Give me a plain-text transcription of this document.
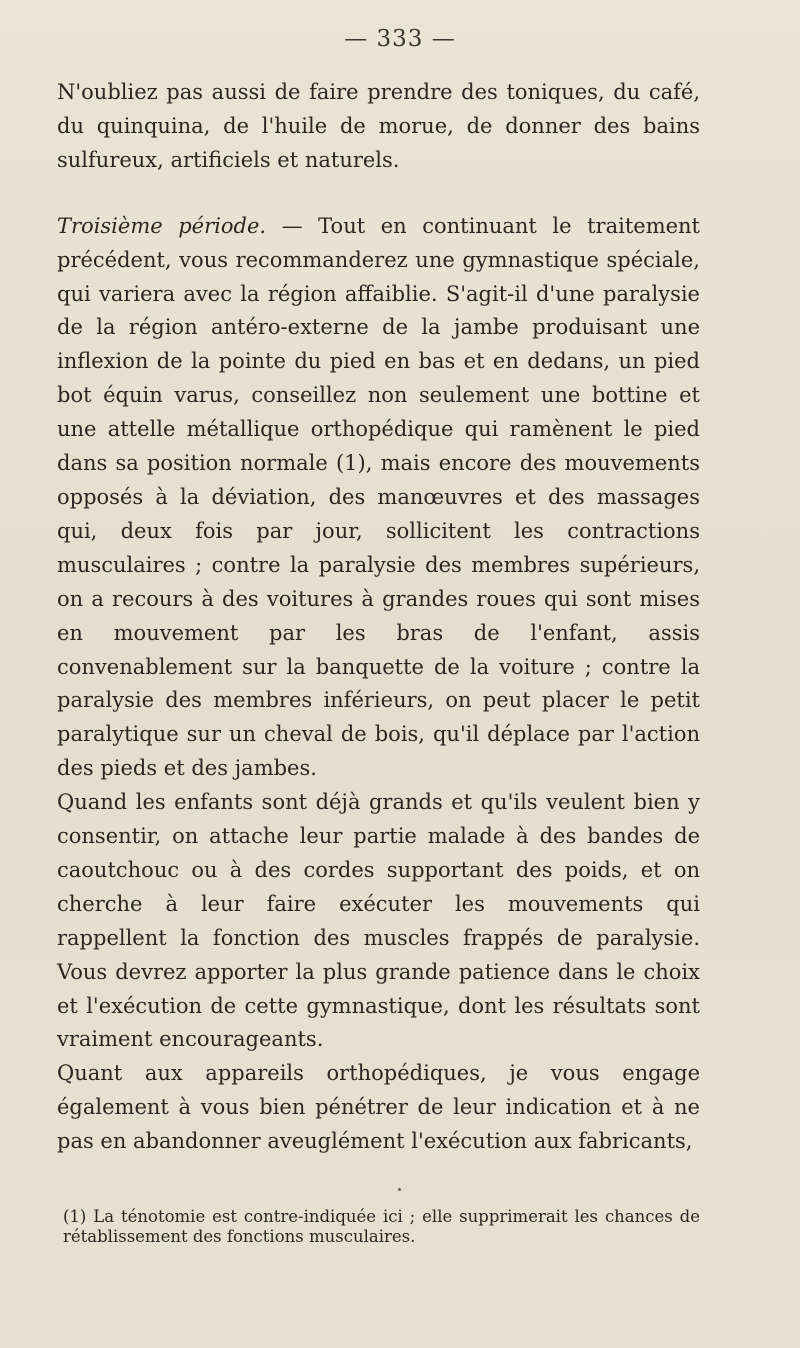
— 333 —

N'oubliez pas aussi de faire prendre des toniques, du café, du quinquina, de l'huile de morue, de donner des bains sulfureux, artificiels et naturels.

Troisième période. — Tout en continuant le traitement précédent, vous recommanderez une gymnastique spéciale, qui variera avec la région affaiblie. S'agit-il d'une paralysie de la région antéro-externe de la jambe produisant une inflexion de la pointe du pied en bas et en dedans, un pied bot équin varus, conseillez non seulement une bottine et une attelle métallique orthopédique qui ramènent le pied dans sa position normale (1), mais encore des mouvements opposés à la déviation, des manœuvres et des massages qui, deux fois par jour, sollicitent les contractions musculaires ; contre la paralysie des membres supérieurs, on a recours à des voitures à grandes roues qui sont mises en mouvement par les bras de l'enfant, assis convenablement sur la banquette de la voiture ; contre la paralysie des membres inférieurs, on peut placer le petit paralytique sur un cheval de bois, qu'il déplace par l'action des pieds et des jambes.

Quand les enfants sont déjà grands et qu'ils veulent bien y consentir, on attache leur partie malade à des bandes de caoutchouc ou à des cordes supportant des poids, et on cherche à leur faire exécuter les mouvements qui rappellent la fonction des muscles frappés de paralysie. Vous devrez apporter la plus grande patience dans le choix et l'exécution de cette gymnastique, dont les résultats sont vraiment encourageants.

Quant aux appareils orthopédiques, je vous engage également à vous bien pénétrer de leur indication et à ne pas en abandonner aveuglément l'exécution aux fabricants,

(1) La ténotomie est contre-indiquée ici ; elle supprimerait les chances de rétablissement des fonctions musculaires.
